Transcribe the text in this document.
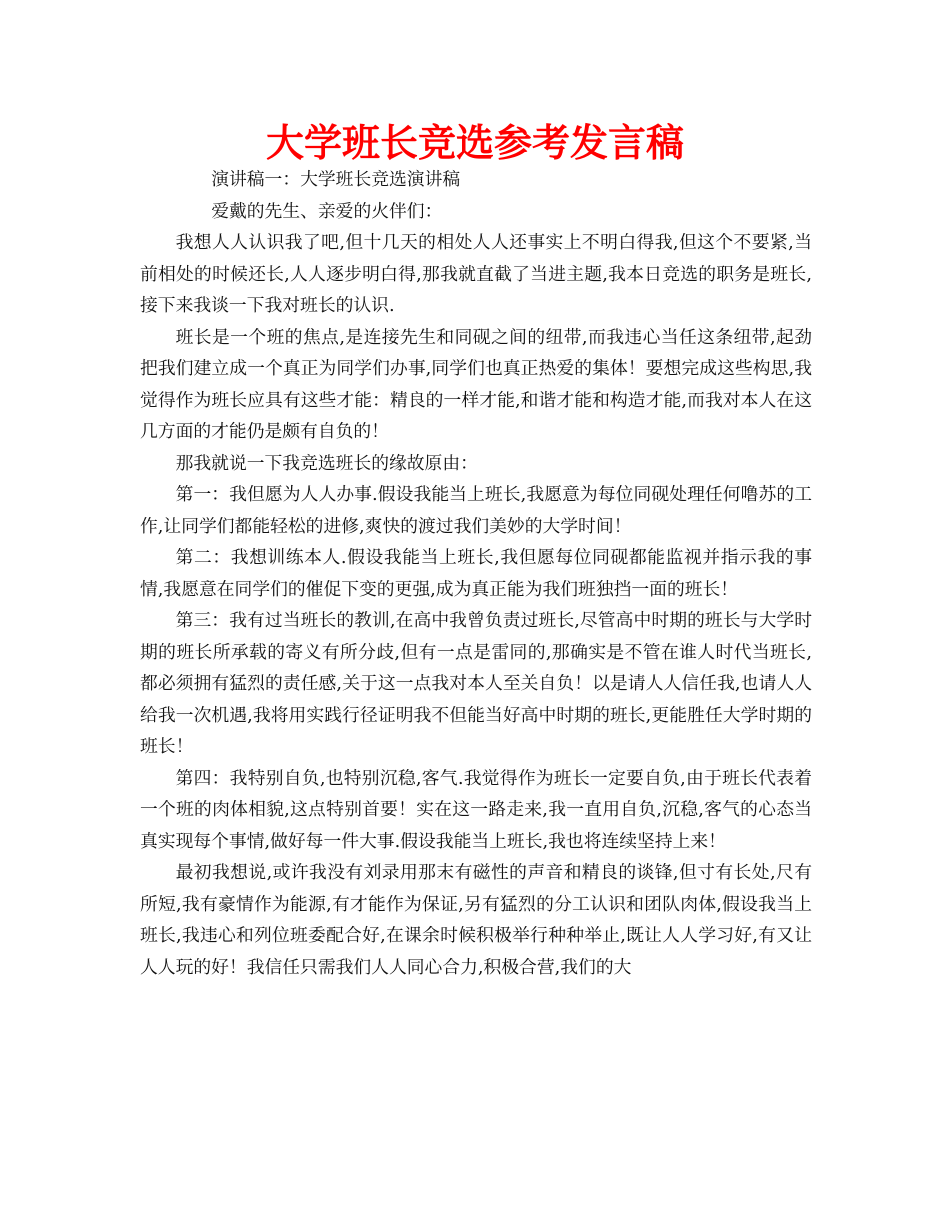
大学班长竞选参考发言稿

演讲稿一：大学班长竞选演讲稿

爱戴的先生、亲爱的火伴们：

我想人人认识我了吧,但十几天的相处人人还事实上不明白得我,但这个不要紧,当前相处的时候还长,人人逐步明白得,那我就直截了当进主题,我本日竞选的职务是班长,接下来我谈一下我对班长的认识.

班长是一个班的焦点,是连接先生和同砚之间的纽带,而我违心当任这条纽带,起劲把我们建立成一个真正为同学们办事,同学们也真正热爱的集体！要想完成这些构思,我觉得作为班长应具有这些才能：精良的一样才能,和谐才能和构造才能,而我对本人在这几方面的才能仍是颇有自负的！

那我就说一下我竞选班长的缘故原由：

第一：我但愿为人人办事.假设我能当上班长,我愿意为每位同砚处理任何噜苏的工作,让同学们都能轻松的进修,爽快的渡过我们美妙的大学时间！

第二：我想训练本人.假设我能当上班长,我但愿每位同砚都能监视并指示我的事情,我愿意在同学们的催促下变的更强,成为真正能为我们班独挡一面的班长！

第三：我有过当班长的教训,在高中我曾负责过班长,尽管高中时期的班长与大学时期的班长所承载的寄义有所分歧,但有一点是雷同的,那确实是不管在谁人时代当班长,都必须拥有猛烈的责任感,关于这一点我对本人至关自负！以是请人人信任我,也请人人给我一次机遇,我将用实践行径证明我不但能当好高中时期的班长,更能胜任大学时期的班长！

第四：我特别自负,也特别沉稳,客气.我觉得作为班长一定要自负,由于班长代表着一个班的肉体相貌,这点特别首要！实在这一路走来,我一直用自负,沉稳,客气的心态当真实现每个事情,做好每一件大事.假设我能当上班长,我也将连续坚持上来！

最初我想说,或许我没有刘录用那末有磁性的声音和精良的谈锋,但寸有长处,尺有所短,我有豪情作为能源,有才能作为保证,另有猛烈的分工认识和团队肉体,假设我当上班长,我违心和列位班委配合好,在课余时候积极举行种种举止,既让人人学习好,有又让人人玩的好！我信任只需我们人人同心合力,积极合营,我们的大
